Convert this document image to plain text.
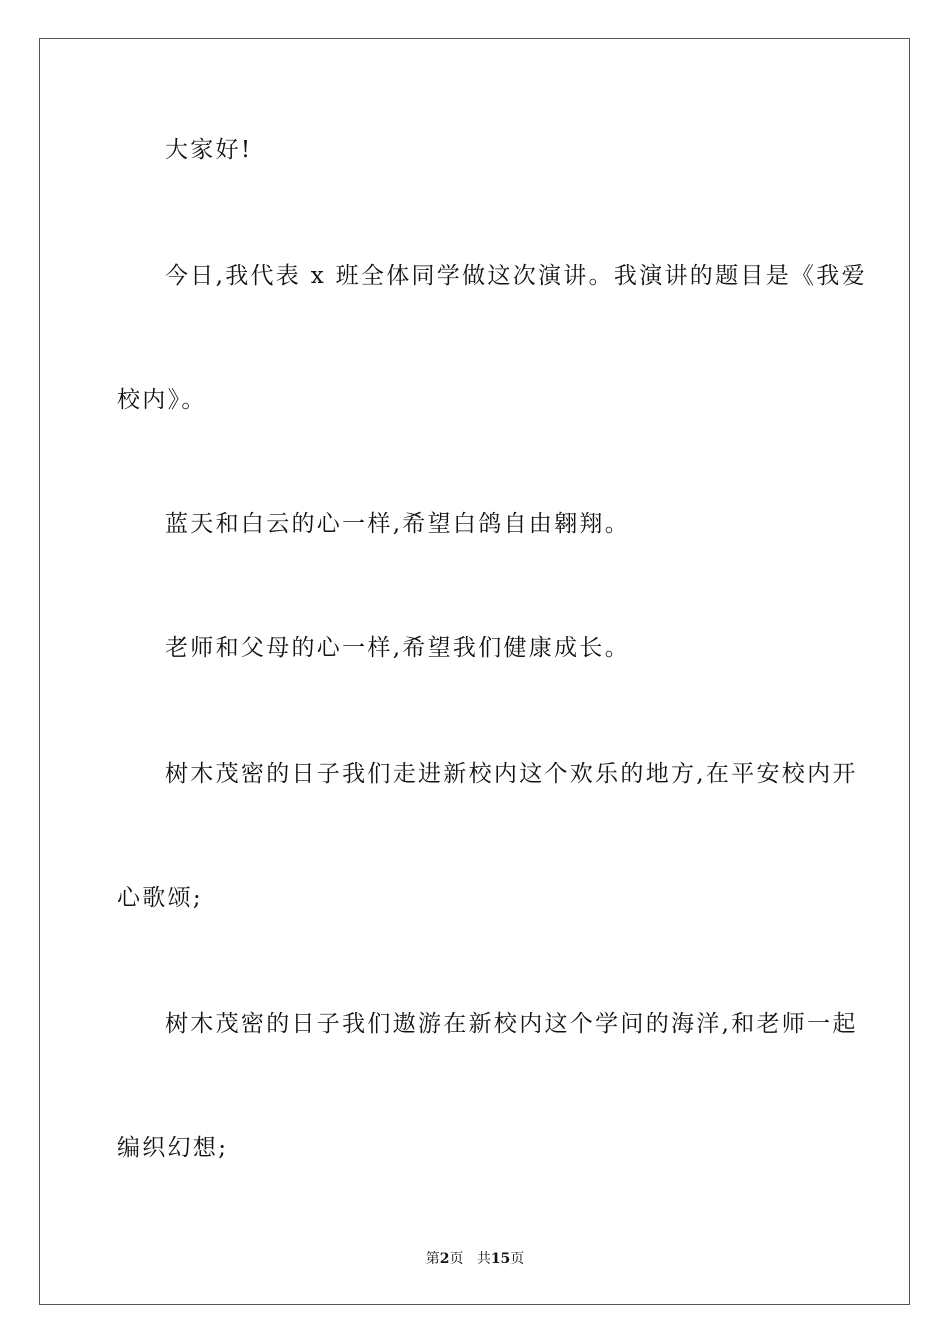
大家好!
今日,我代表 x 班全体同学做这次演讲。我演讲的题目是《我爱
校内》。
蓝天和白云的心一样,希望白鸽自由翱翔。
老师和父母的心一样,希望我们健康成长。
树木茂密的日子我们走进新校内这个欢乐的地方,在平安校内开
心歌颂;
树木茂密的日子我们遨游在新校内这个学问的海洋,和老师一起
编织幻想;
第2页 共15页
